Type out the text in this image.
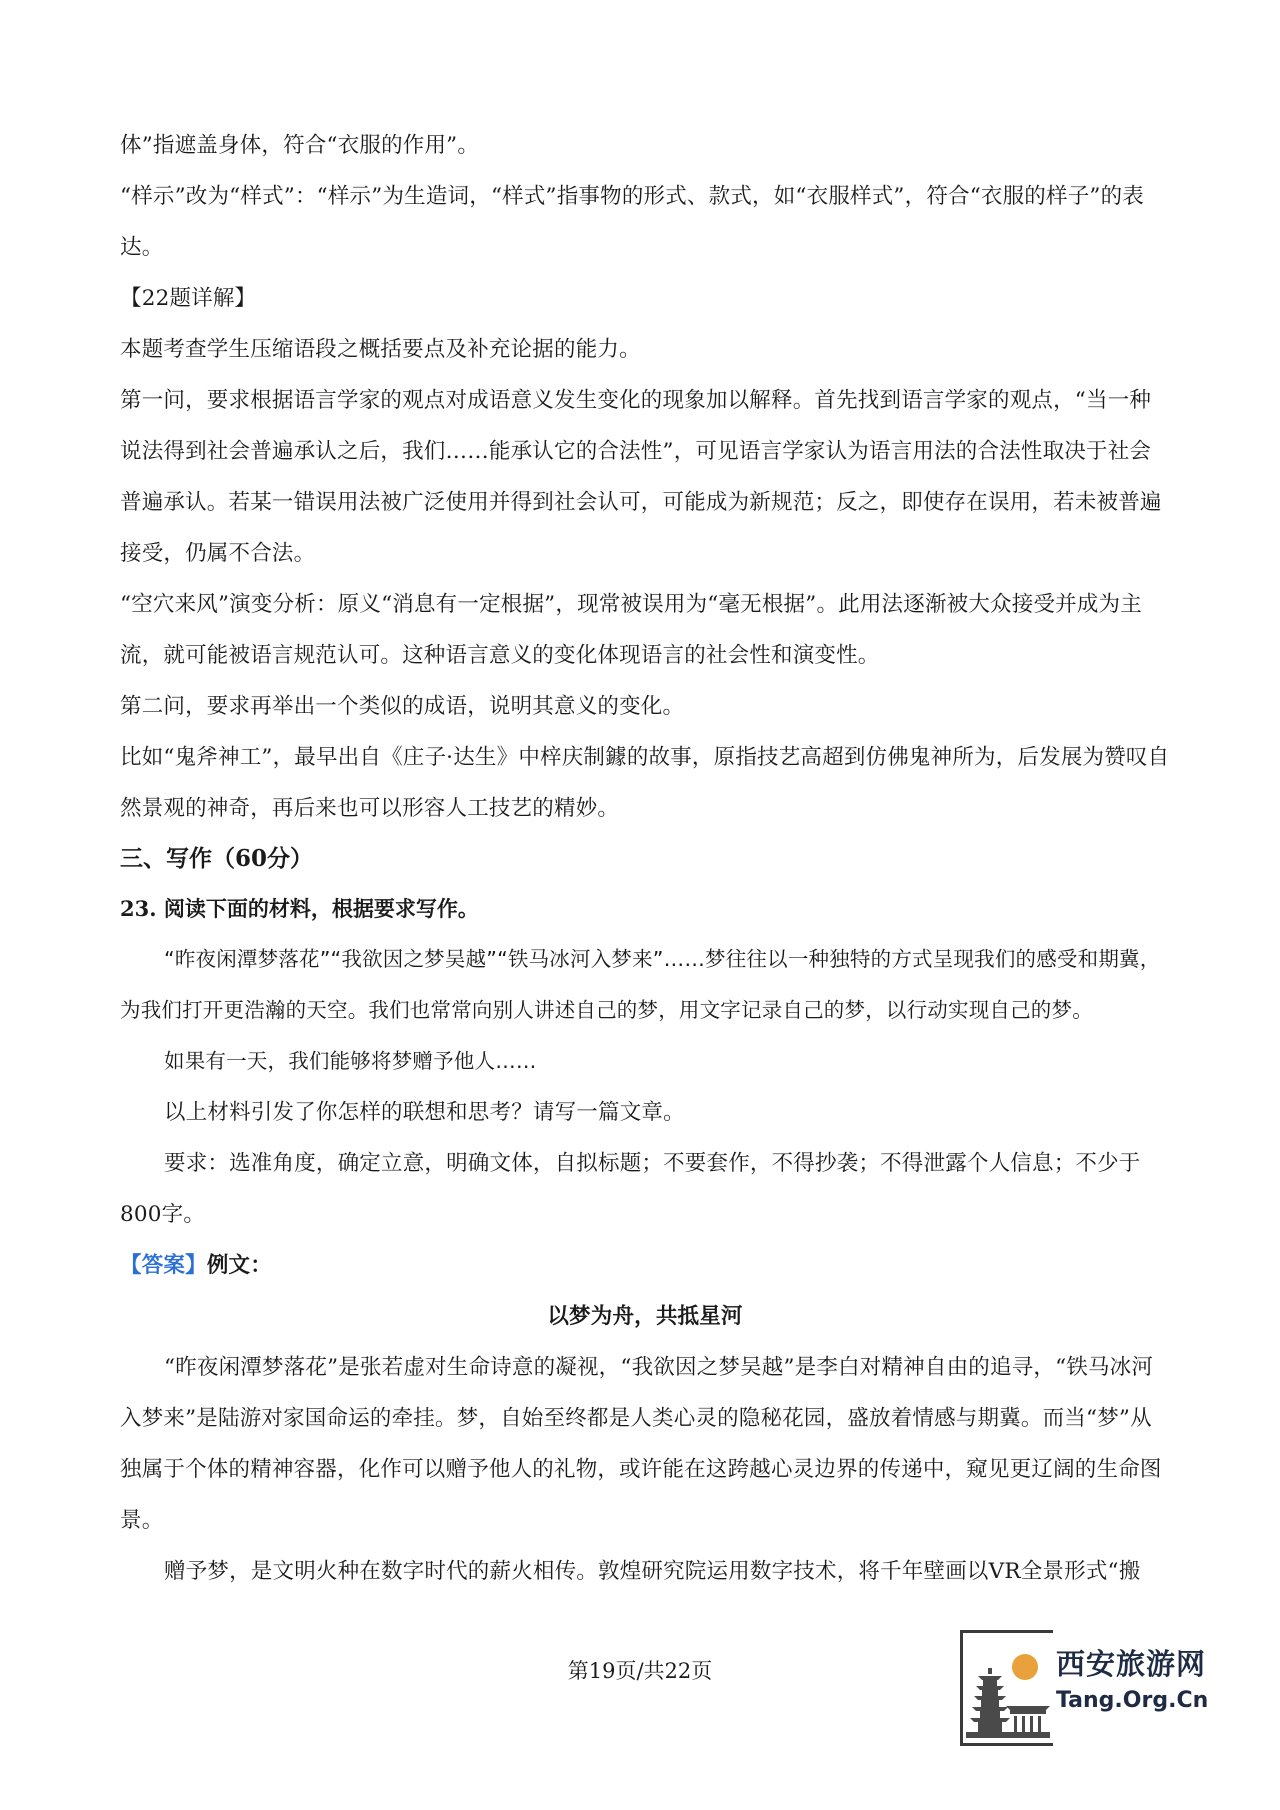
体”指遮盖身体，符合“衣服的作用”。

“样示”改为“样式”：“样示”为生造词，“样式”指事物的形式、款式，如“衣服样式”，符合“衣服的样子”的表达。

【22题详解】

本题考查学生压缩语段之概括要点及补充论据的能力。

第一问，要求根据语言学家的观点对成语意义发生变化的现象加以解释。首先找到语言学家的观点，“当一种说法得到社会普遍承认之后，我们……能承认它的合法性”，可见语言学家认为语言用法的合法性取决于社会普遍承认。若某一错误用法被广泛使用并得到社会认可，可能成为新规范；反之，即使存在误用，若未被普遍接受，仍属不合法。

“空穴来风”演变分析：原义“消息有一定根据”，现常被误用为“毫无根据”。此用法逐渐被大众接受并成为主流，就可能被语言规范认可。这种语言意义的变化体现语言的社会性和演变性。

第二问，要求再举出一个类似的成语，说明其意义的变化。

比如“鬼斧神工”，最早出自《庄子·达生》中梓庆制鐻的故事，原指技艺高超到仿佛鬼神所为，后发展为赞叹自然景观的神奇，再后来也可以形容人工技艺的精妙。

三、写作（60分）

23. 阅读下面的材料，根据要求写作。

“昨夜闲潭梦落花”“我欲因之梦吴越”“铁马冰河入梦来”……梦往往以一种独特的方式呈现我们的感受和期冀，为我们打开更浩瀚的天空。我们也常常向别人讲述自己的梦，用文字记录自己的梦，以行动实现自己的梦。

如果有一天，我们能够将梦赠予他人……

以上材料引发了你怎样的联想和思考？请写一篇文章。

要求：选准角度，确定立意，明确文体，自拟标题；不要套作，不得抄袭；不得泄露个人信息；不少于800字。

【答案】例文：

以梦为舟，共抵星河

“昨夜闲潭梦落花”是张若虚对生命诗意的凝视，“我欲因之梦吴越”是李白对精神自由的追寻，“铁马冰河入梦来”是陆游对家国命运的牵挂。梦，自始至终都是人类心灵的隐秘花园，盛放着情感与期冀。而当“梦”从独属于个体的精神容器，化作可以赠予他人的礼物，或许能在这跨越心灵边界的传递中，窥见更辽阔的生命图景。

赠予梦，是文明火种在数字时代的薪火相传。敦煌研究院运用数字技术，将千年壁画以VR全景形式“搬

第19页/共22页	西安旅游网
Tang.Org.Cn
